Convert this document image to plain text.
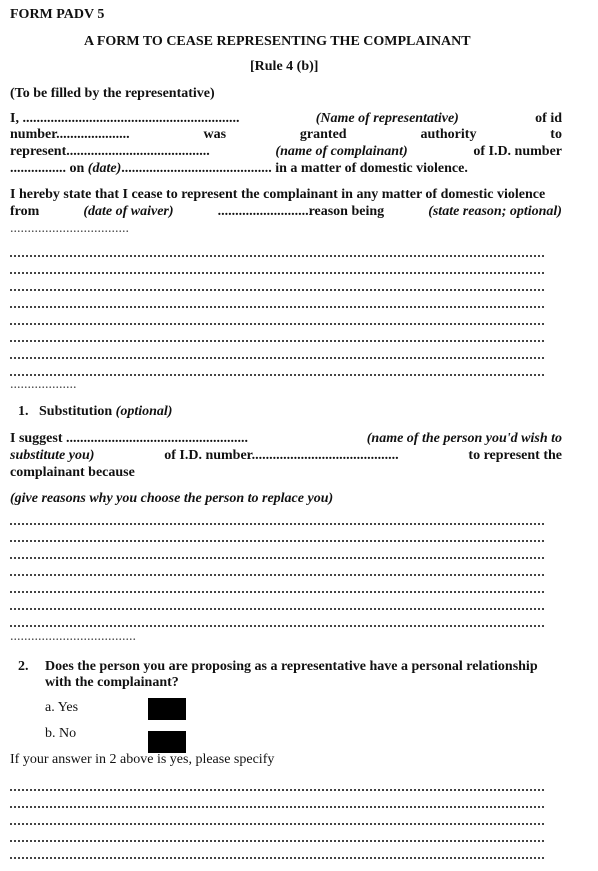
FORM PADV 5
A FORM TO CEASE REPRESENTING THE COMPLAINANT
[Rule 4 (b)]
(To be filled by the representative)
I, ..............................................................	(Name of representative)	of id
number.....................	was	granted	authority	to
represent.........................................	(name of complainant)	of I.D. number
................ on (date)........................................... in a matter of domestic violence.
I hereby state that I cease to represent the complainant in any matter of domestic violence
from	(date of waiver)	..........................reason being	(state reason; optional)
..................................
...................
1. Substitution (optional)
I suggest ....................................................	(name of the person you'd wish to
substitute you)	of I.D. number..........................................	to represent the
complainant because
(give reasons why you choose the person to replace you)
....................................
2. Does the person you are proposing as a representative have a personal relationship
with the complainant?
a. Yes
b. No
If your answer in 2 above is yes, please specify
